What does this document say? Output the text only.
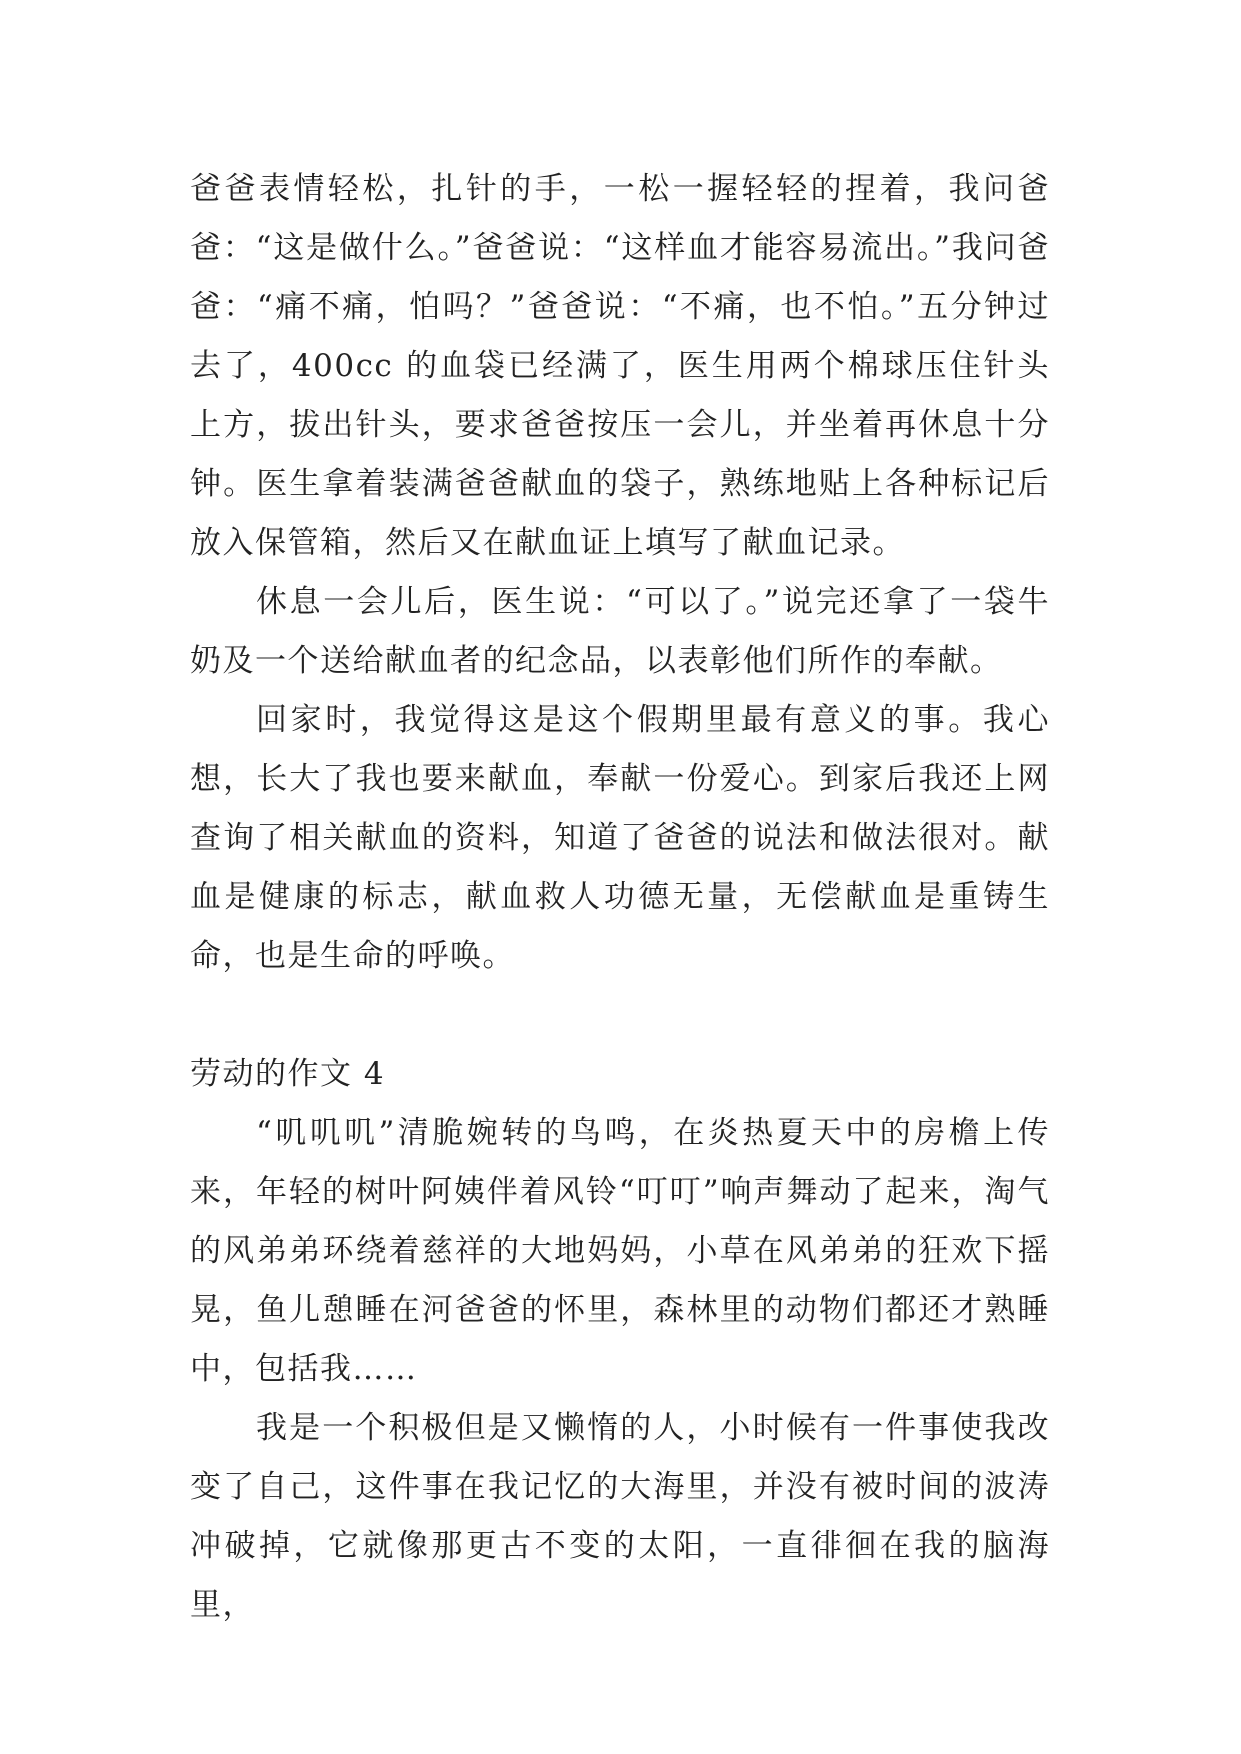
爸爸表情轻松，扎针的手，一松一握轻轻的捏着，我问爸爸：“这是做什么。”爸爸说：“这样血才能容易流出。”我问爸爸：“痛不痛，怕吗？”爸爸说：“不痛，也不怕。”五分钟过去了，400cc 的血袋已经满了，医生用两个棉球压住针头上方，拔出针头，要求爸爸按压一会儿，并坐着再休息十分钟。医生拿着装满爸爸献血的袋子，熟练地贴上各种标记后放入保管箱，然后又在献血证上填写了献血记录。

休息一会儿后，医生说：“可以了。”说完还拿了一袋牛奶及一个送给献血者的纪念品，以表彰他们所作的奉献。

回家时，我觉得这是这个假期里最有意义的事。我心想，长大了我也要来献血，奉献一份爱心。到家后我还上网查询了相关献血的资料，知道了爸爸的说法和做法很对。献血是健康的标志，献血救人功德无量，无偿献血是重铸生命，也是生命的呼唤。

劳动的作文 4

“叽叽叽”清脆婉转的鸟鸣，在炎热夏天中的房檐上传来，年轻的树叶阿姨伴着风铃“叮叮”响声舞动了起来，淘气的风弟弟环绕着慈祥的大地妈妈，小草在风弟弟的狂欢下摇晃，鱼儿憩睡在河爸爸的怀里，森林里的动物们都还才熟睡中，包括我……

我是一个积极但是又懒惰的人，小时候有一件事使我改变了自己，这件事在我记忆的大海里，并没有被时间的波涛冲破掉，它就像那更古不变的太阳，一直徘徊在我的脑海里，
